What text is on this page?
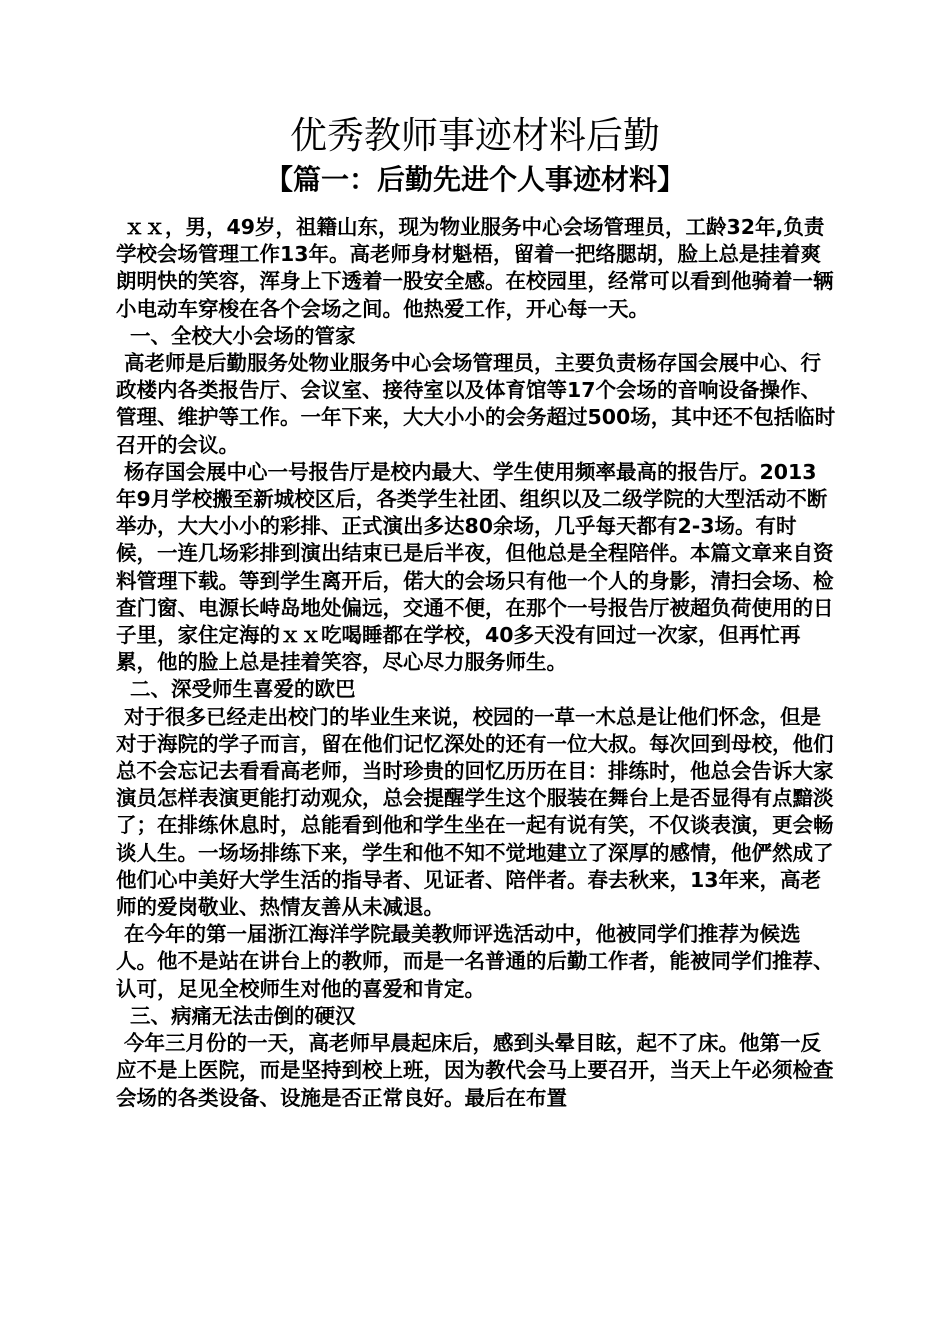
优秀教师事迹材料后勤
【篇一：后勤先进个人事迹材料】

ｘｘ，男，49岁，祖籍山东，现为物业服务中心会场管理员，工龄32年,负责学校会场管理工作13年。高老师身材魁梧，留着一把络腮胡，脸上总是挂着爽朗明快的笑容，浑身上下透着一股安全感。在校园里，经常可以看到他骑着一辆小电动车穿梭在各个会场之间。他热爱工作，开心每一天。

一、全校大小会场的管家

高老师是后勤服务处物业服务中心会场管理员，主要负责杨存国会展中心、行政楼内各类报告厅、会议室、接待室以及体育馆等17个会场的音响设备操作、管理、维护等工作。一年下来，大大小小的会务超过500场，其中还不包括临时召开的会议。

杨存国会展中心一号报告厅是校内最大、学生使用频率最高的报告厅。2013年9月学校搬至新城校区后，各类学生社团、组织以及二级学院的大型活动不断举办，大大小小的彩排、正式演出多达80余场，几乎每天都有2-3场。有时候，一连几场彩排到演出结束已是后半夜，但他总是全程陪伴。本篇文章来自资料管理下载。等到学生离开后，偌大的会场只有他一个人的身影，清扫会场、检查门窗、电源长峙岛地处偏远，交通不便，在那个一号报告厅被超负荷使用的日子里，家住定海的ｘｘ吃喝睡都在学校，40多天没有回过一次家，但再忙再累，他的脸上总是挂着笑容，尽心尽力服务师生。

二、深受师生喜爱的欧巴

对于很多已经走出校门的毕业生来说，校园的一草一木总是让他们怀念，但是对于海院的学子而言，留在他们记忆深处的还有一位大叔。每次回到母校，他们总不会忘记去看看高老师，当时珍贵的回忆历历在目：排练时，他总会告诉大家演员怎样表演更能打动观众，总会提醒学生这个服装在舞台上是否显得有点黯淡了；在排练休息时，总能看到他和学生坐在一起有说有笑，不仅谈表演，更会畅谈人生。一场场排练下来，学生和他不知不觉地建立了深厚的感情，他俨然成了他们心中美好大学生活的指导者、见证者、陪伴者。春去秋来，13年来，高老师的爱岗敬业、热情友善从未减退。

在今年的第一届浙江海洋学院最美教师评选活动中，他被同学们推荐为候选人。他不是站在讲台上的教师，而是一名普通的后勤工作者，能被同学们推荐、认可，足见全校师生对他的喜爱和肯定。

三、病痛无法击倒的硬汉

今年三月份的一天，高老师早晨起床后，感到头晕目眩，起不了床。他第一反应不是上医院，而是坚持到校上班，因为教代会马上要召开，当天上午必须检查会场的各类设备、设施是否正常良好。最后在布置
